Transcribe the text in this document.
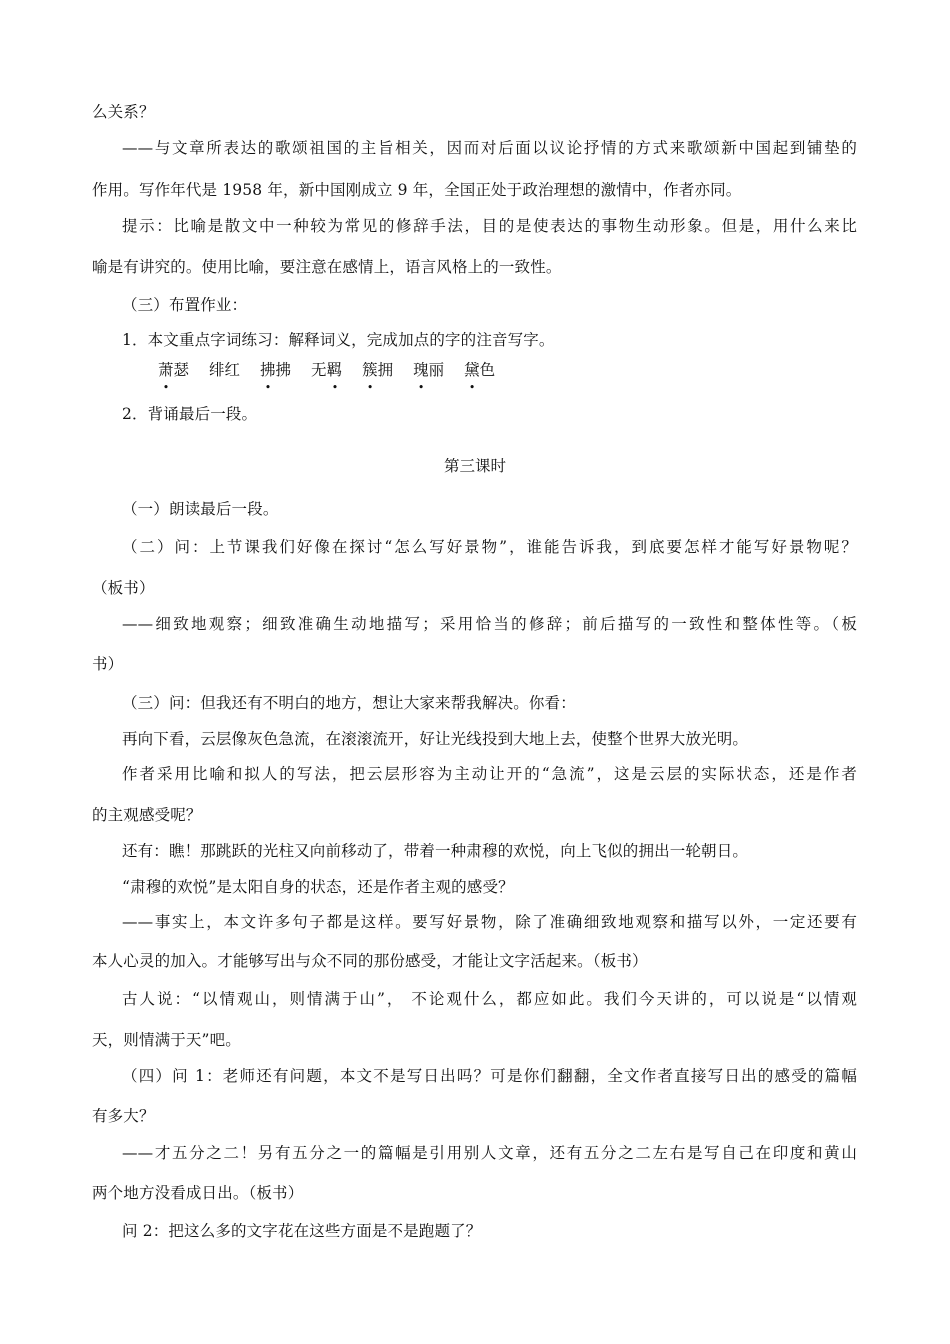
么关系？
——与文章所表达的歌颂祖国的主旨相关，因而对后面以议论抒情的方式来歌颂新中国起到铺垫的
作用。写作年代是 1958 年，新中国刚成立 9 年，全国正处于政治理想的激情中，作者亦同。
提示：比喻是散文中一种较为常见的修辞手法，目的是使表达的事物生动形象。但是，用什么来比
喻是有讲究的。使用比喻，要注意在感情上，语言风格上的一致性。
（三）布置作业：
1．本文重点字词练习：解释词义，完成加点的字的注音写字。
萧瑟
•
绯红 拂拂
•
无羁
•
簇拥
•
瑰丽
•
黛色
•
2．背诵最后一段。
第三课时
（一）朗读最后一段。
（二）问：上节课我们好像在探讨“怎么写好景物”，谁能告诉我，到底要怎样才能写好景物呢？
（板书）
——细致地观察；细致准确生动地描写；采用恰当的修辞；前后描写的一致性和整体性等。（板
书）
（三）问：但我还有不明白的地方，想让大家来帮我解决。你看：
再向下看，云层像灰色急流，在滚滚流开，好让光线投到大地上去，使整个世界大放光明。
作者采用比喻和拟人的写法，把云层形容为主动让开的“急流”，这是云层的实际状态，还是作者
的主观感受呢？
还有：瞧！那跳跃的光柱又向前移动了，带着一种肃穆的欢悦，向上飞似的拥出一轮朝日。
“肃穆的欢悦”是太阳自身的状态，还是作者主观的感受？
——事实上，本文许多句子都是这样。要写好景物，除了准确细致地观察和描写以外，一定还要有
本人心灵的加入。才能够写出与众不同的那份感受，才能让文字活起来。（板书）
古人说：“以情观山，则情满于山”， 不论观什么，都应如此。我们今天讲的，可以说是“以情观
天，则情满于天”吧。
（四）问 1：老师还有问题，本文不是写日出吗？可是你们翻翻，全文作者直接写日出的感受的篇幅
有多大？
——才五分之二！另有五分之一的篇幅是引用别人文章，还有五分之二左右是写自己在印度和黄山
两个地方没看成日出。（板书）
问 2：把这么多的文字花在这些方面是不是跑题了？
